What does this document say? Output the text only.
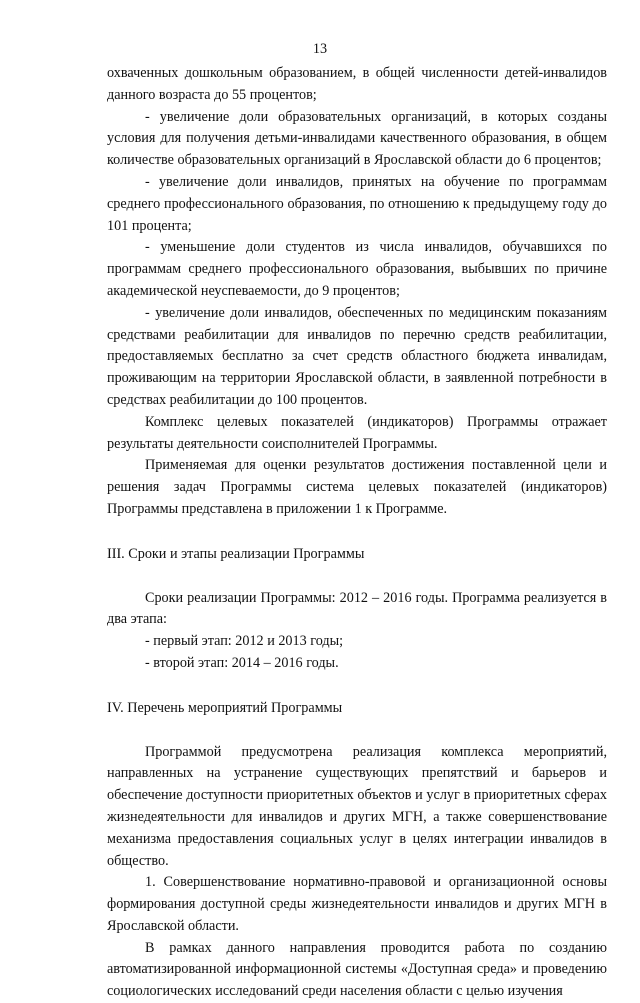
13

охваченных дошкольным образованием, в общей численности детей-инвалидов данного возраста до 55 процентов;

- увеличение доли образовательных организаций, в которых созданы условия для получения детьми-инвалидами качественного образования, в общем количестве образовательных организаций в Ярославской области до 6 процентов;

- увеличение доли инвалидов, принятых на обучение по программам среднего профессионального образования, по отношению к предыдущему году до 101 процента;

- уменьшение доли студентов из числа инвалидов, обучавшихся по программам среднего профессионального образования, выбывших по причине академической неуспеваемости, до 9 процентов;

- увеличение доли инвалидов, обеспеченных по медицинским показаниям средствами реабилитации для инвалидов по перечню средств реабилитации, предоставляемых бесплатно за счет средств областного бюджета инвалидам, проживающим на территории Ярославской области, в заявленной потребности в средствах реабилитации до 100 процентов.

Комплекс целевых показателей (индикаторов) Программы отражает результаты деятельности соисполнителей Программы.

Применяемая для оценки результатов достижения поставленной цели и решения задач Программы система целевых показателей (индикаторов) Программы представлена в приложении 1 к Программе.

III. Сроки и этапы реализации Программы

Сроки реализации Программы: 2012 – 2016 годы. Программа реализуется в два этапа:

- первый этап: 2012 и 2013 годы;

- второй этап: 2014 – 2016 годы.

IV. Перечень мероприятий Программы

Программой предусмотрена реализация комплекса мероприятий, направленных на устранение существующих препятствий и барьеров и обеспечение доступности приоритетных объектов и услуг в приоритетных сферах жизнедеятельности для инвалидов и других МГН, а также совершенствование механизма предоставления социальных услуг в целях интеграции инвалидов в общество.

1. Совершенствование нормативно-правовой и организационной основы формирования доступной среды жизнедеятельности инвалидов и других МГН в Ярославской области.

В рамках данного направления проводится работа по созданию автоматизированной информационной системы «Доступная среда» и проведению социологических исследований среди населения области с целью изучения
